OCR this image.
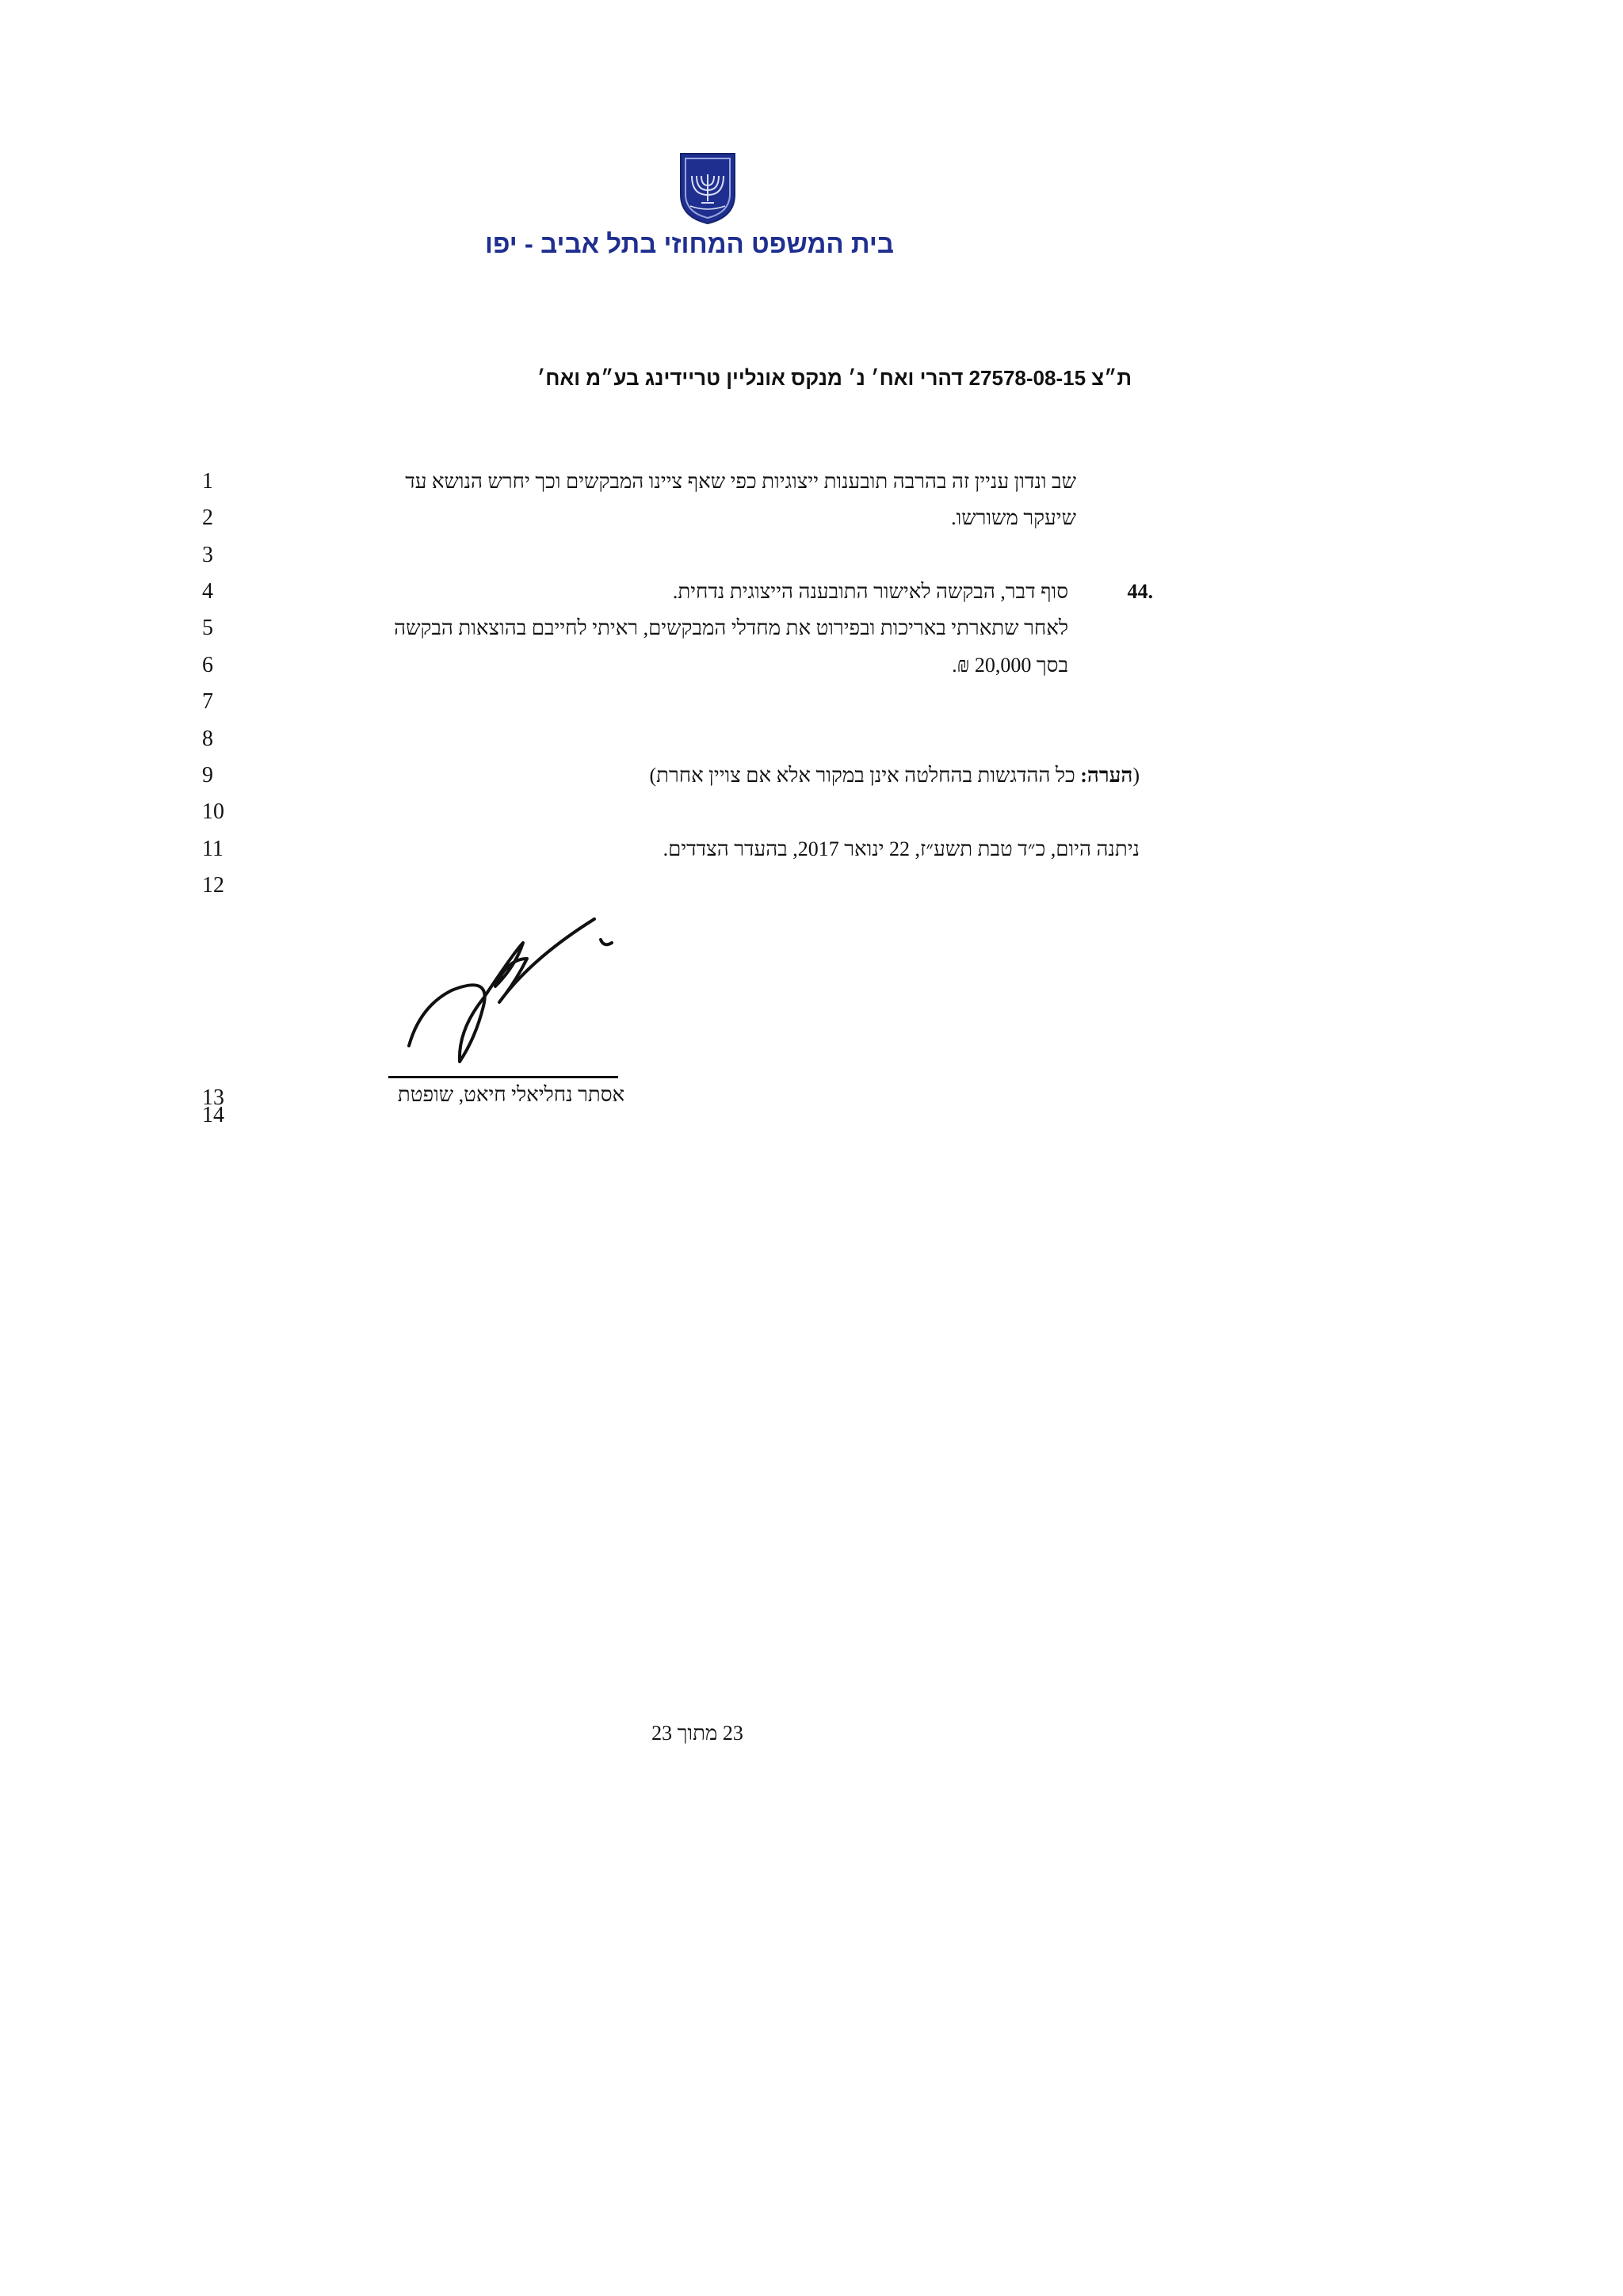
בית המשפט המחוזי בתל אביב - יפו
ת״צ 27578-08-15 דהרי ואח׳ נ׳ מנקס אונליין טריידינג בע״מ ואח׳
1
2
3
4
5
6
7
8
9
10
11
12
13
14
שב ונדון עניין זה בהרבה תובענות ייצוגיות כפי שאף ציינו המבקשים וכך יחרש הנושא עד
שיעקר משורשו.
44.
סוף דבר, הבקשה לאישור התובענה הייצוגית נדחית.
לאחר שתארתי באריכות ובפירוט את מחדלי המבקשים, ראיתי לחייבם בהוצאות הבקשה
בסך 20,000 ₪.
(הערה: כל ההדגשות בהחלטה אינן במקור אלא אם צויין אחרת)
ניתנה היום, כ״ד טבת תשע״ז, 22 ינואר 2017, בהעדר הצדדים.
אסתר נחליאלי חיאט, שופטת
23 מתוך 23
